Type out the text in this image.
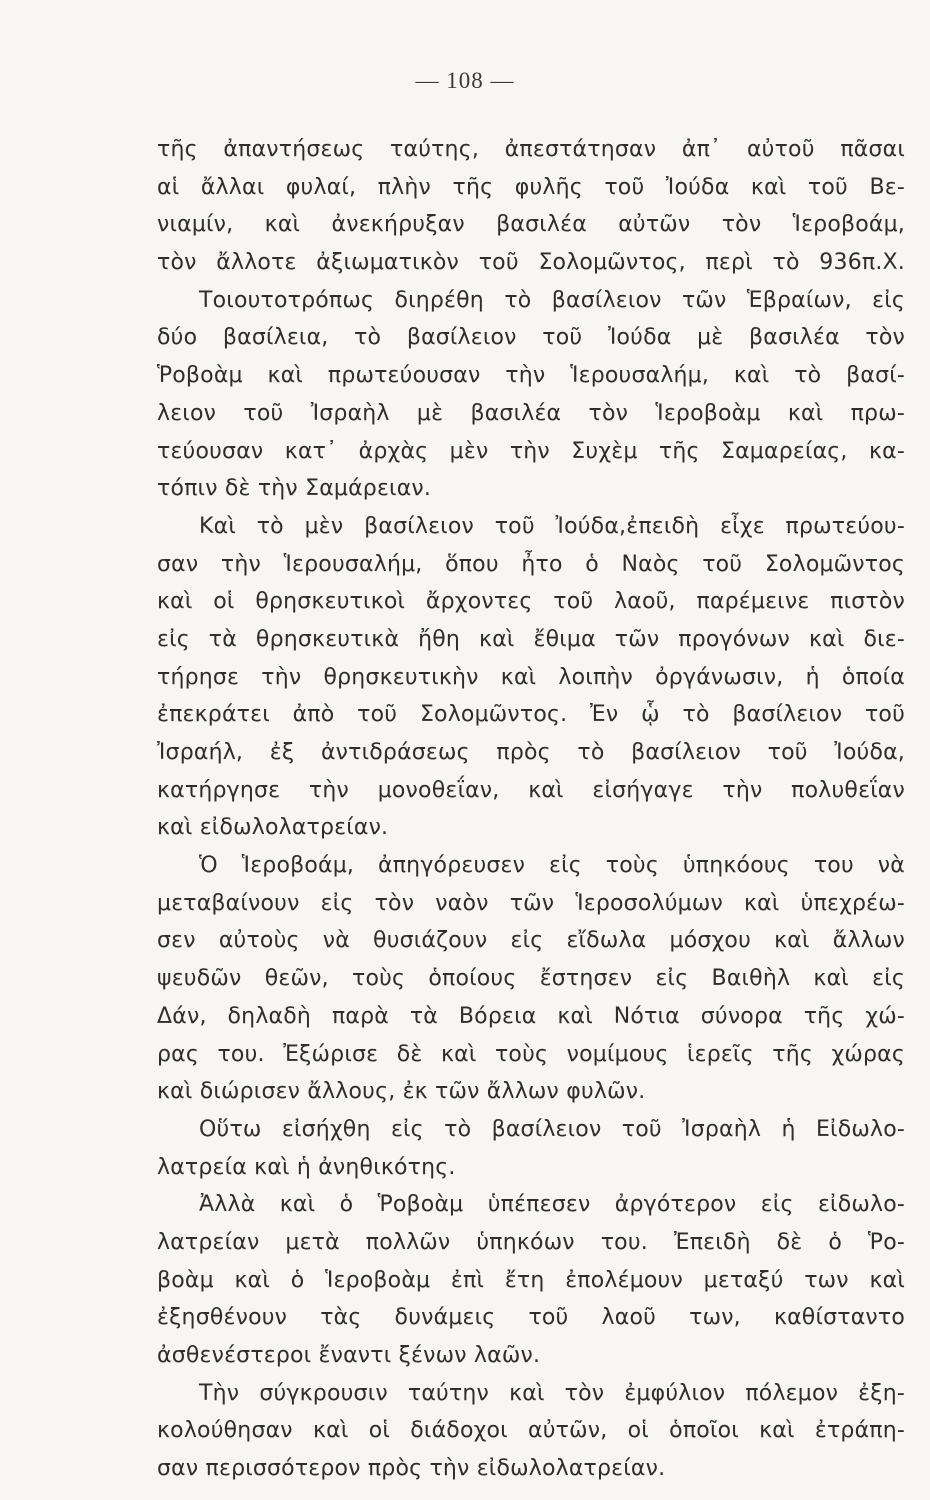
— 108 —
τῆς ἀπαντήσεως ταύτης, ἀπεστάτησαν ἀπ᾿ αὐτοῦ πᾶσαι
αἱ ἄλλαι φυλαί, πλὴν τῆς φυλῆς τοῦ Ἰούδα καὶ τοῦ Βε-
νιαμίν, καὶ ἀνεκήρυξαν βασιλέα αὐτῶν τὸν Ἱεροβοάμ,
τὸν ἄλλοτε ἀξιωματικὸν τοῦ Σολομῶντος, περὶ τὸ 936π.Χ.
Τοιουτοτρόπως διηρέθη τὸ βασίλειον τῶν Ἑβραίων, εἰς
δύο βασίλεια, τὸ βασίλειον τοῦ Ἰούδα μὲ βασιλέα τὸν
Ῥοβοὰμ καὶ πρωτεύουσαν τὴν Ἱερουσαλήμ, καὶ τὸ βασί-
λειον τοῦ Ἰσραὴλ μὲ βασιλέα τὸν Ἱεροβοὰμ καὶ πρω-
τεύουσαν κατ᾿ ἀρχὰς μὲν τὴν Συχὲμ τῆς Σαμαρείας, κα-
τόπιν δὲ τὴν Σαμάρειαν.
Καὶ τὸ μὲν βασίλειον τοῦ Ἰούδα,ἐπειδὴ εἶχε πρωτεύου-
σαν τὴν Ἱερουσαλήμ, ὅπου ἦτο ὁ Ναὸς τοῦ Σολομῶντος
καὶ οἱ θρησκευτικοὶ ἄρχοντες τοῦ λαοῦ, παρέμεινε πιστὸν
εἰς τὰ θρησκευτικὰ ἤθη καὶ ἔθιμα τῶν προγόνων καὶ διε-
τήρησε τὴν θρησκευτικὴν καὶ λοιπὴν ὀργάνωσιν, ἡ ὁποία
ἐπεκράτει ἀπὸ τοῦ Σολομῶντος. Ἐν ᾧ τὸ βασίλειον τοῦ
Ἰσραήλ, ἐξ ἀντιδράσεως πρὸς τὸ βασίλειον τοῦ Ἰούδα,
κατήργησε τὴν μονοθεΐαν, καὶ εἰσήγαγε τὴν πολυθεΐαν
καὶ εἰδωλολατρείαν.
Ὁ Ἱεροβοάμ, ἀπηγόρευσεν εἰς τοὺς ὑπηκόους του νὰ
μεταβαίνουν εἰς τὸν ναὸν τῶν Ἱεροσολύμων καὶ ὑπεχρέω-
σεν αὐτοὺς νὰ θυσιάζουν εἰς εἴδωλα μόσχου καὶ ἄλλων
ψευδῶν θεῶν, τοὺς ὁποίους ἔστησεν εἰς Βαιθὴλ καὶ εἰς
Δάν, δηλαδὴ παρὰ τὰ Βόρεια καὶ Νότια σύνορα τῆς χώ-
ρας του. Ἐξώρισε δὲ καὶ τοὺς νομίμους ἱερεῖς τῆς χώρας
καὶ διώρισεν ἄλλους, ἐκ τῶν ἄλλων φυλῶν.
Οὕτω εἰσήχθη εἰς τὸ βασίλειον τοῦ Ἰσραὴλ ἡ Εἰδωλο-
λατρεία καὶ ἡ ἀνηθικότης.
Ἀλλὰ καὶ ὁ Ῥοβοὰμ ὑπέπεσεν ἀργότερον εἰς εἰδωλο-
λατρείαν μετὰ πολλῶν ὑπηκόων του. Ἐπειδὴ δὲ ὁ Ῥο-
βοὰμ καὶ ὁ Ἱεροβοὰμ ἐπὶ ἔτη ἐπολέμουν μεταξύ των καὶ
ἐξησθένουν τὰς δυνάμεις τοῦ λαοῦ των, καθίσταντο
ἀσθενέστεροι ἔναντι ξένων λαῶν.
Τὴν σύγκρουσιν ταύτην καὶ τὸν ἐμφύλιον πόλεμον ἐξη-
κολούθησαν καὶ οἱ διάδοχοι αὐτῶν, οἱ ὁποῖοι καὶ ἐτράπη-
σαν περισσότερον πρὸς τὴν εἰδωλολατρείαν.
